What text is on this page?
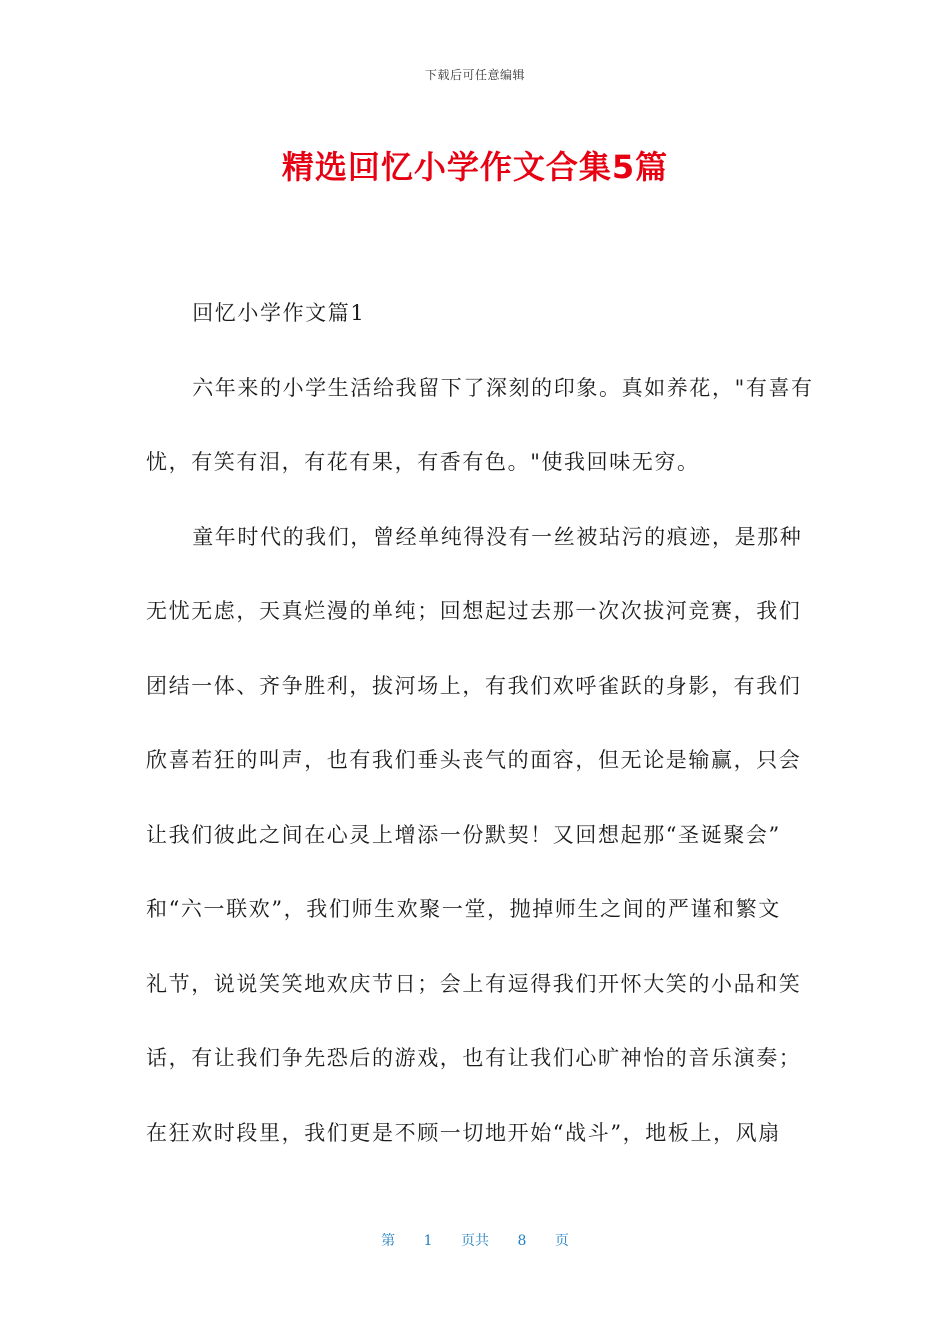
下载后可任意编辑
精选回忆小学作文合集5篇

回忆小学作文篇1

六年来的小学生活给我留下了深刻的印象。真如养花，"有喜有

忧，有笑有泪，有花有果，有香有色。"使我回味无穷。

童年时代的我们，曾经单纯得没有一丝被玷污的痕迹，是那种

无忧无虑，天真烂漫的单纯；回想起过去那一次次拔河竞赛，我们
团结一体、齐争胜利，拔河场上，有我们欢呼雀跃的身影，有我们
欣喜若狂的叫声，也有我们垂头丧气的面容，但无论是输赢，只会
让我们彼此之间在心灵上增添一份默契！又回想起那“圣诞聚会”
和“六一联欢”，我们师生欢聚一堂，抛掉师生之间的严谨和繁文
礼节，说说笑笑地欢庆节日；会上有逗得我们开怀大笑的小品和笑
话，有让我们争先恐后的游戏，也有让我们心旷神怡的音乐演奏；
在狂欢时段里，我们更是不顾一切地开始“战斗”，地板上，风扇
第 1 页共 8 页
